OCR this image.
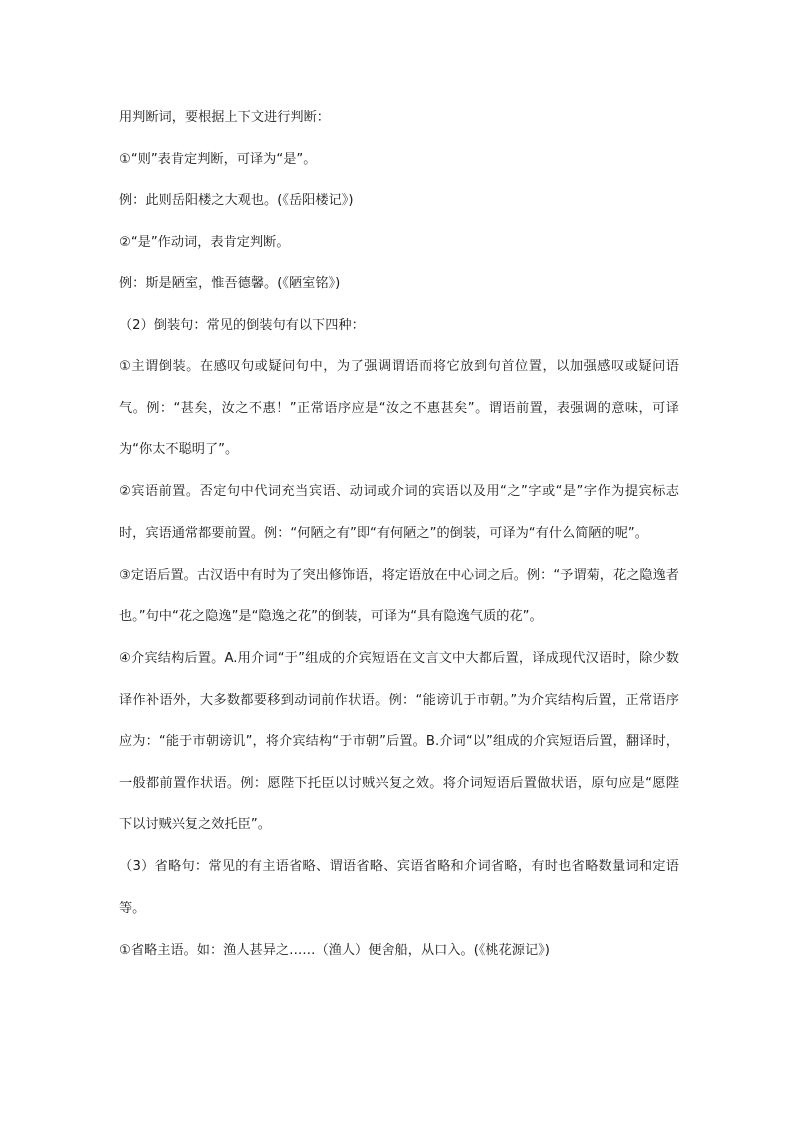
用判断词，要根据上下文进行判断：
①“则”表肯定判断，可译为“是”。
例：此则岳阳楼之大观也。(《岳阳楼记》)
②“是”作动词，表肯定判断。
例：斯是陋室，惟吾德馨。(《陋室铭》)
（2）倒装句：常见的倒装句有以下四种：

①主谓倒装。在感叹句或疑问句中，为了强调谓语而将它放到句首位置，以加强感叹或疑问语气。例：“甚矣，汝之不惠！”正常语序应是“汝之不惠甚矣”。谓语前置，表强调的意味，可译为“你太不聪明了”。

②宾语前置。否定句中代词充当宾语、动词或介词的宾语以及用“之”字或“是”字作为提宾标志时，宾语通常都要前置。例：“何陋之有”即“有何陋之”的倒装，可译为“有什么简陋的呢”。

③定语后置。古汉语中有时为了突出修饰语，将定语放在中心词之后。例：“予谓菊，花之隐逸者也。”句中“花之隐逸”是“隐逸之花”的倒装，可译为“具有隐逸气质的花”。

④介宾结构后置。A.用介词“于”组成的介宾短语在文言文中大都后置，译成现代汉语时，除少数译作补语外，大多数都要移到动词前作状语。例：“能谤讥于市朝。”为介宾结构后置，正常语序应为：“能于市朝谤讥”，将介宾结构“于市朝”后置。B.介词“以”组成的介宾短语后置，翻译时，一般都前置作状语。例：愿陛下托臣以讨贼兴复之效。将介词短语后置做状语，原句应是“愿陛下以讨贼兴复之效托臣”。

（3）省略句：常见的有主语省略、谓语省略、宾语省略和介词省略，有时也省略数量词和定语等。

①省略主语。如：渔人甚异之……（渔人）便舍船，从口入。(《桃花源记》)
